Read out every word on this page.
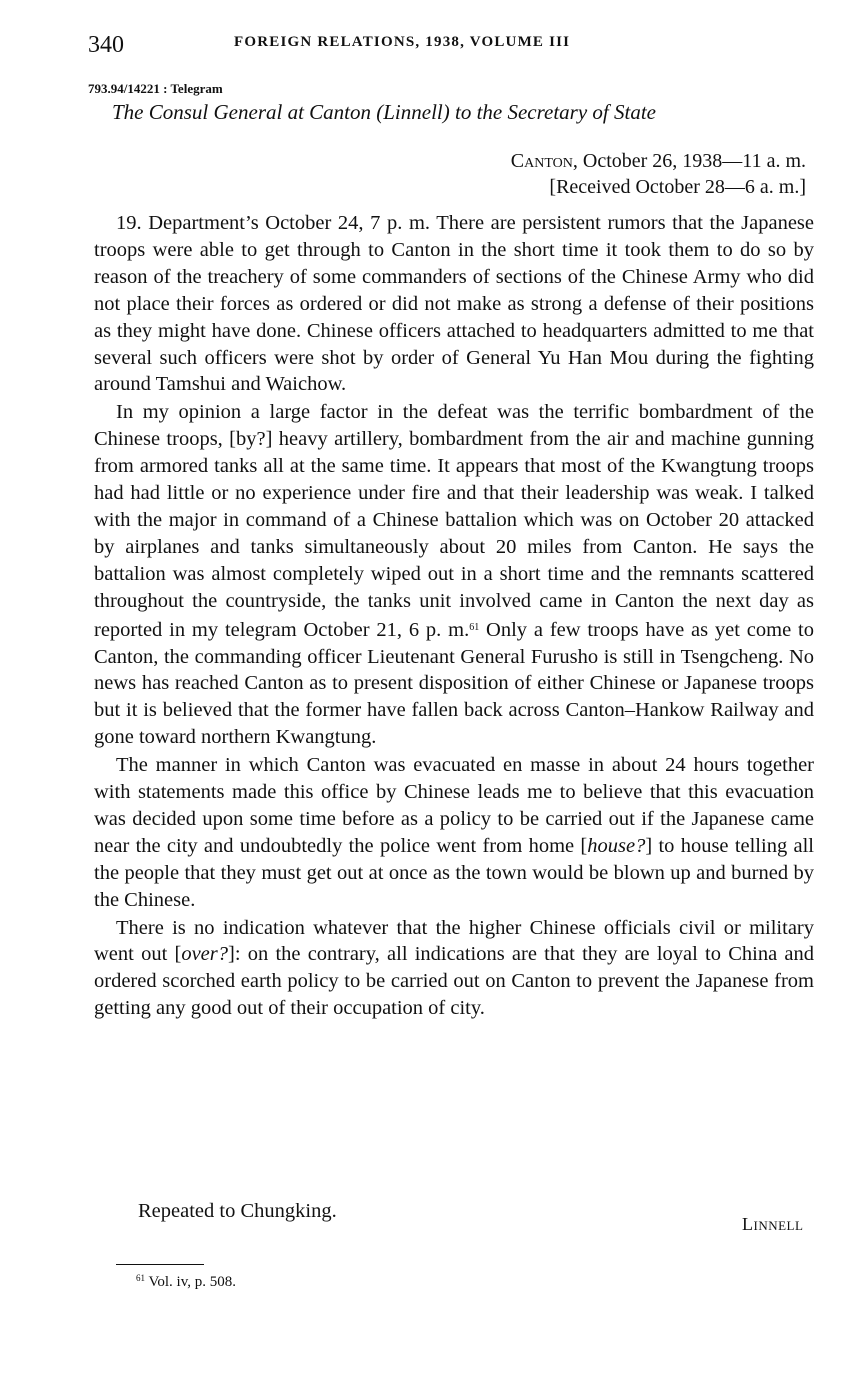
340	FOREIGN RELATIONS, 1938, VOLUME III
793.94/14221 : Telegram
The Consul General at Canton (Linnell) to the Secretary of State
Canton, October 26, 1938—11 a. m.
[Received October 28—6 a. m.]

19. Department’s October 24, 7 p. m. There are persistent rumors that the Japanese troops were able to get through to Canton in the short time it took them to do so by reason of the treachery of some commanders of sections of the Chinese Army who did not place their forces as ordered or did not make as strong a defense of their positions as they might have done. Chinese officers attached to headquarters admitted to me that several such officers were shot by order of General Yu Han Mou during the fighting around Tamshui and Waichow.

In my opinion a large factor in the defeat was the terrific bombardment of the Chinese troops, [by?] heavy artillery, bombardment from the air and machine gunning from armored tanks all at the same time. It appears that most of the Kwangtung troops had had little or no experience under fire and that their leadership was weak. I talked with the major in command of a Chinese battalion which was on October 20 attacked by airplanes and tanks simultaneously about 20 miles from Canton. He says the battalion was almost completely wiped out in a short time and the remnants scattered throughout the countryside, the tanks unit involved came in Canton the next day as reported in my telegram October 21, 6 p. m.$^{61}$ Only a few troops have as yet come to Canton, the commanding officer Lieutenant General Furusho is still in Tsengcheng. No news has reached Canton as to present disposition of either Chinese or Japanese troops but it is believed that the former have fallen back across Canton–Hankow Railway and gone toward northern Kwangtung.

The manner in which Canton was evacuated en masse in about 24 hours together with statements made this office by Chinese leads me to believe that this evacuation was decided upon some time before as a policy to be carried out if the Japanese came near the city and undoubtedly the police went from home [house?] to house telling all the people that they must get out at once as the town would be blown up and burned by the Chinese.

There is no indication whatever that the higher Chinese officials civil or military went out [over?]: on the contrary, all indications are that they are loyal to China and ordered scorched earth policy to be carried out on Canton to prevent the Japanese from getting any good out of their occupation of city.

Repeated to Chungking.
Linnell
$^{61}$ Vol. iv, p. 508.
